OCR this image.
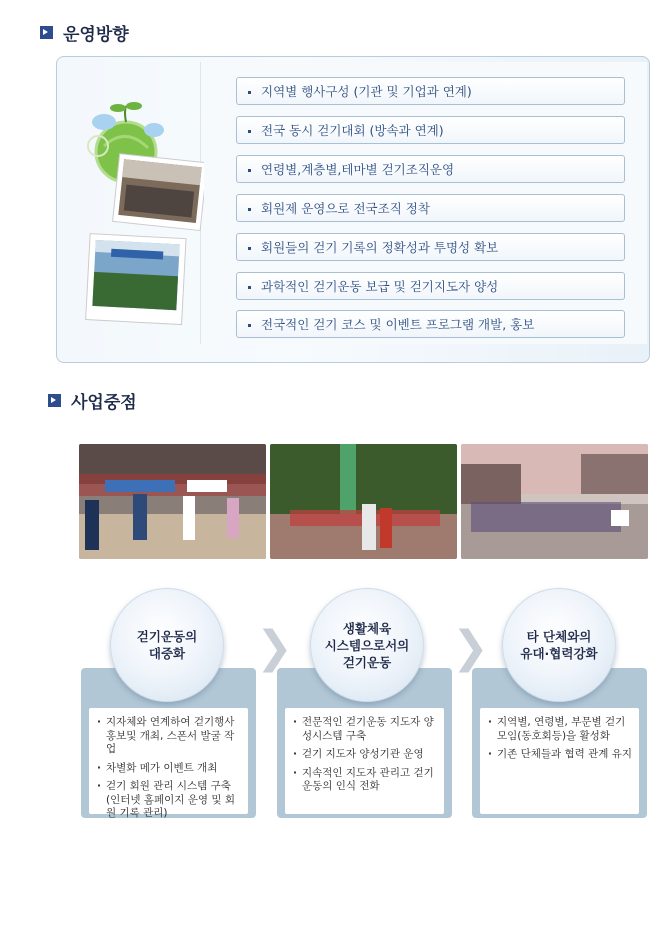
운영방향
지역별 행사구성 (기관 및 기업과 연계)
전국 동시 걷기대회 (방속과 연계)
연령별,계층별,테마별 걷기조직운영
회원제 운영으로 전국조직 정착
회원들의 걷기 기록의 정확성과 투명성 확보
과학적인 걷기운동 보급 및 걷기지도자 양성
전국적인 걷기 코스 및 이벤트 프로그램 개발, 홍보
사업중점
· 지자체와 연계하여 걷기행사 홍보및 개최, 스폰서 발굴 작업
· 차별화 메가 이벤트 개최
· 걷기 회원 관리 시스템 구축
(인터넷 홈페이지 운영 및 회원 기록 관리)
· 전문적인 걷기운동 지도자 양성시스템 구축
· 걷기 지도자 양성기관 운영
· 지속적인 지도자 관리고 걷기 운동의 인식 전화
· 지역별, 연령별, 부문별 걷기 모임(동호회등)을 활성화
· 기존 단체들과 협력 관계 유지
걷기운동의
대중화
생활체육
시스템으로서의
걷기운동
타 단체와의
유대·협력강화
❯	❯
